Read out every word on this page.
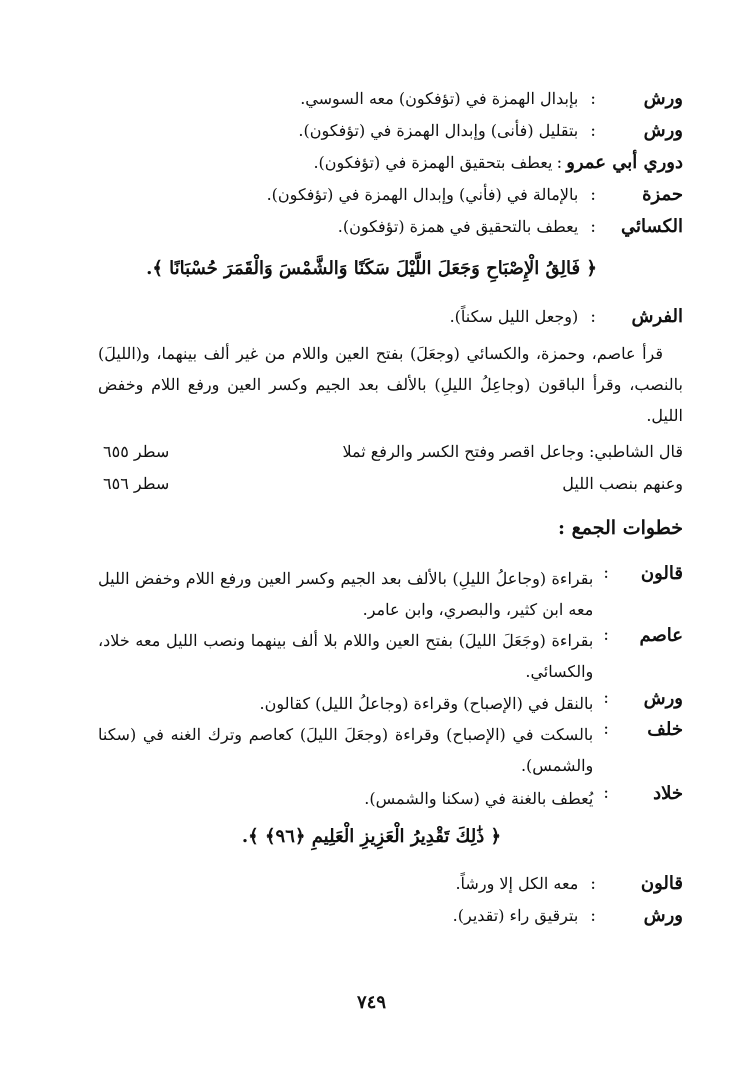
ورش
:
بإبدال الهمزة في (تؤفكون) معه السوسي.
ورش
:
بتقليل (فأنى) وإبدال الهمزة في (تؤفكون).
دوري أبي عمرو
:
يعطف بتحقيق الهمزة في (تؤفكون).
حمزة
:
بالإمالة في (فأني) وإبدال الهمزة في (تؤفكون).
الكسائي
:
يعطف بالتحقيق في همزة (تؤفكون).
﴿ فَالِقُ الْإِصْبَاحِ وَجَعَلَ اللَّيْلَ سَكَنًا وَالشَّمْسَ وَالْقَمَرَ حُسْبَانًا ﴾.
الفرش
:
(وجعل الليل سكناً).
قرأ عاصم، وحمزة، والكسائي (وجعَلَ) بفتح العين واللام من غير ألف بينهما، و(الليلَ) بالنصب، وقرأ الباقون (وجاعِلُ الليلِ) بالألف بعد الجيم وكسر العين ورفع اللام وخفض الليل.
قال الشاطبي: وجاعل اقصر وفتح الكسر والرفع ثملا
سطر ٦٥٥
وعنهم بنصب الليل
سطر ٦٥٦
خطوات الجمع :
قالون
:
بقراءة (وجاعلُ الليلِ) بالألف بعد الجيم وكسر العين ورفع اللام وخفض الليل معه ابن كثير، والبصري، وابن عامر.
عاصم
:
بقراءة (وجَعَلَ الليلَ) بفتح العين واللام بلا ألف بينهما ونصب الليل معه خلاد، والكسائي.
ورش
:
بالنقل في (الإصباح) وقراءة (وجاعلُ الليل) كقالون.
خلف
:
بالسكت في (الإصباح) وقراءة (وجعَلَ الليلَ) كعاصم وترك الغنه في (سكنا والشمس).
خلاد
:
يُعطف بالغنة في (سكنا والشمس).
﴿ ذَٰلِكَ تَقْدِيرُ الْعَزِيزِ الْعَلِيمِ ﴿٩٦﴾ ﴾.
قالون
:
معه الكل إلا ورشاً.
ورش
:
بترقيق راء (تقدير).
٧٤٩
